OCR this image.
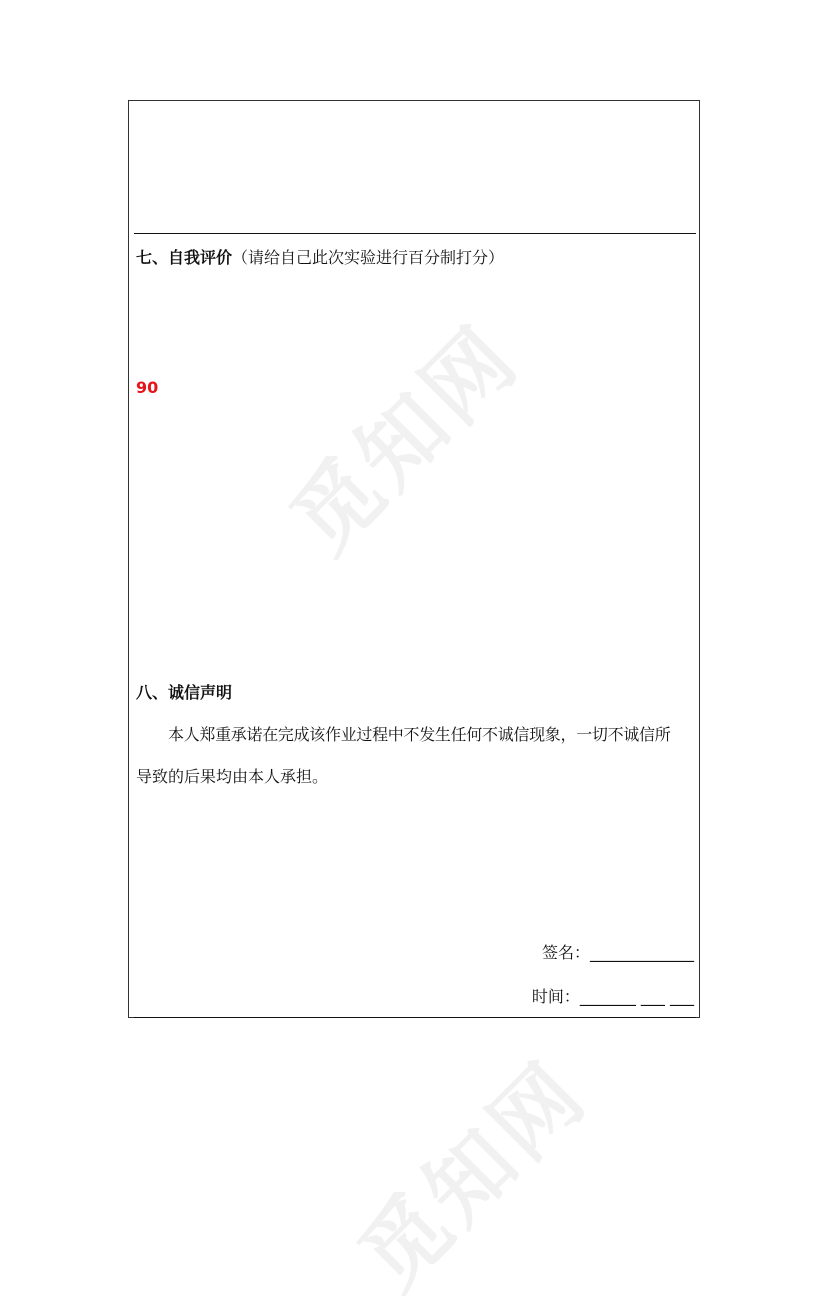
七、自我评价（请给自己此次实验进行百分制打分）
90
八、诚信声明
本人郑重承诺在完成该作业过程中不发生任何不诚信现象，一切不诚信所
导致的后果均由本人承担。
签名：_____________
时间：_______ ___ ___
觅知网
觅知网
